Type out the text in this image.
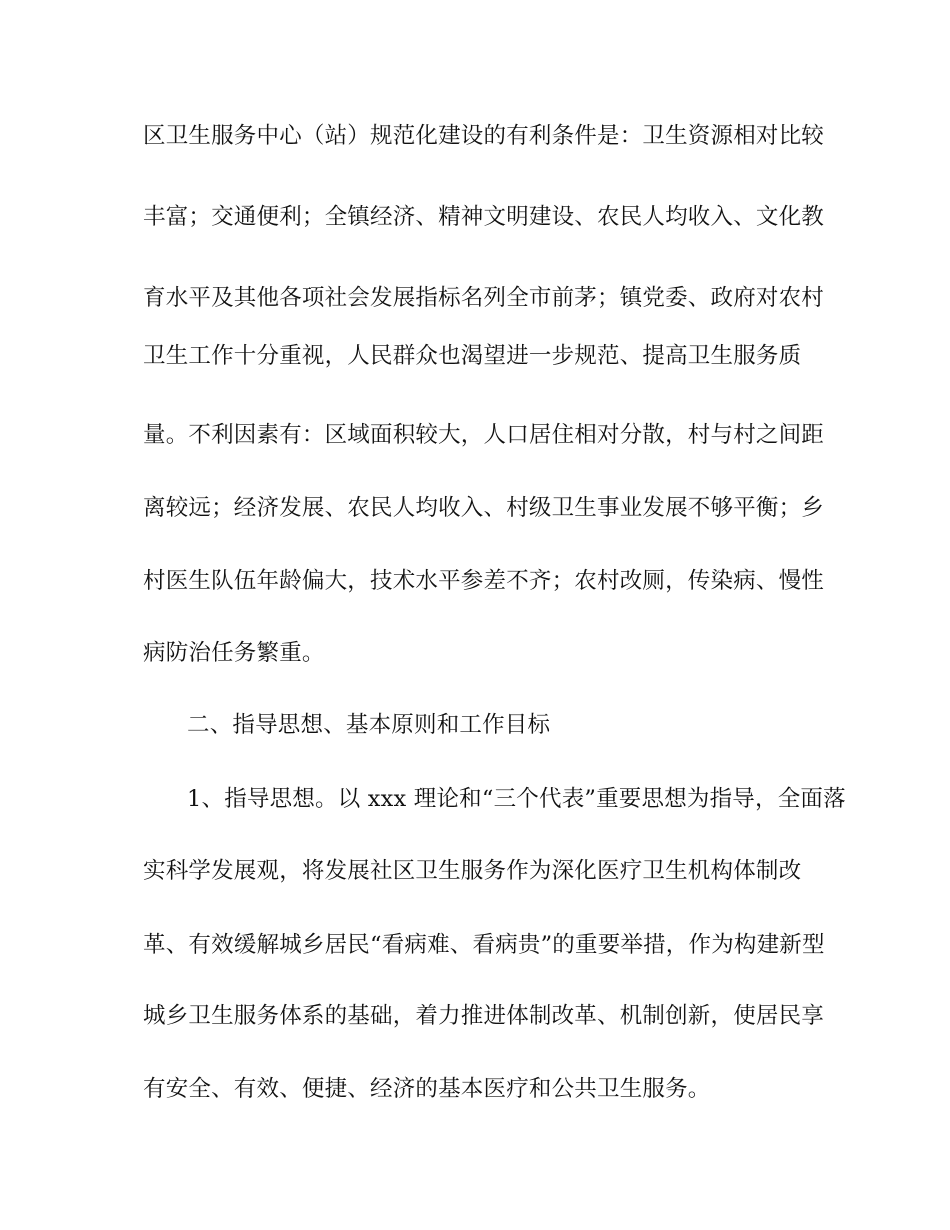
区卫生服务中心（站）规范化建设的有利条件是：卫生资源相对比较
丰富；交通便利；全镇经济、精神文明建设、农民人均收入、文化教
育水平及其他各项社会发展指标名列全市前茅；镇党委、政府对农村
卫生工作十分重视，人民群众也渴望进一步规范、提高卫生服务质
量。不利因素有：区域面积较大，人口居住相对分散，村与村之间距
离较远；经济发展、农民人均收入、村级卫生事业发展不够平衡；乡
村医生队伍年龄偏大，技术水平参差不齐；农村改厕，传染病、慢性
病防治任务繁重。
二、指导思想、基本原则和工作目标
1、指导思想。以 xxx 理论和“三个代表”重要思想为指导，全面落
实科学发展观，将发展社区卫生服务作为深化医疗卫生机构体制改
革、有效缓解城乡居民“看病难、看病贵”的重要举措，作为构建新型
城乡卫生服务体系的基础，着力推进体制改革、机制创新，使居民享
有安全、有效、便捷、经济的基本医疗和公共卫生服务。
